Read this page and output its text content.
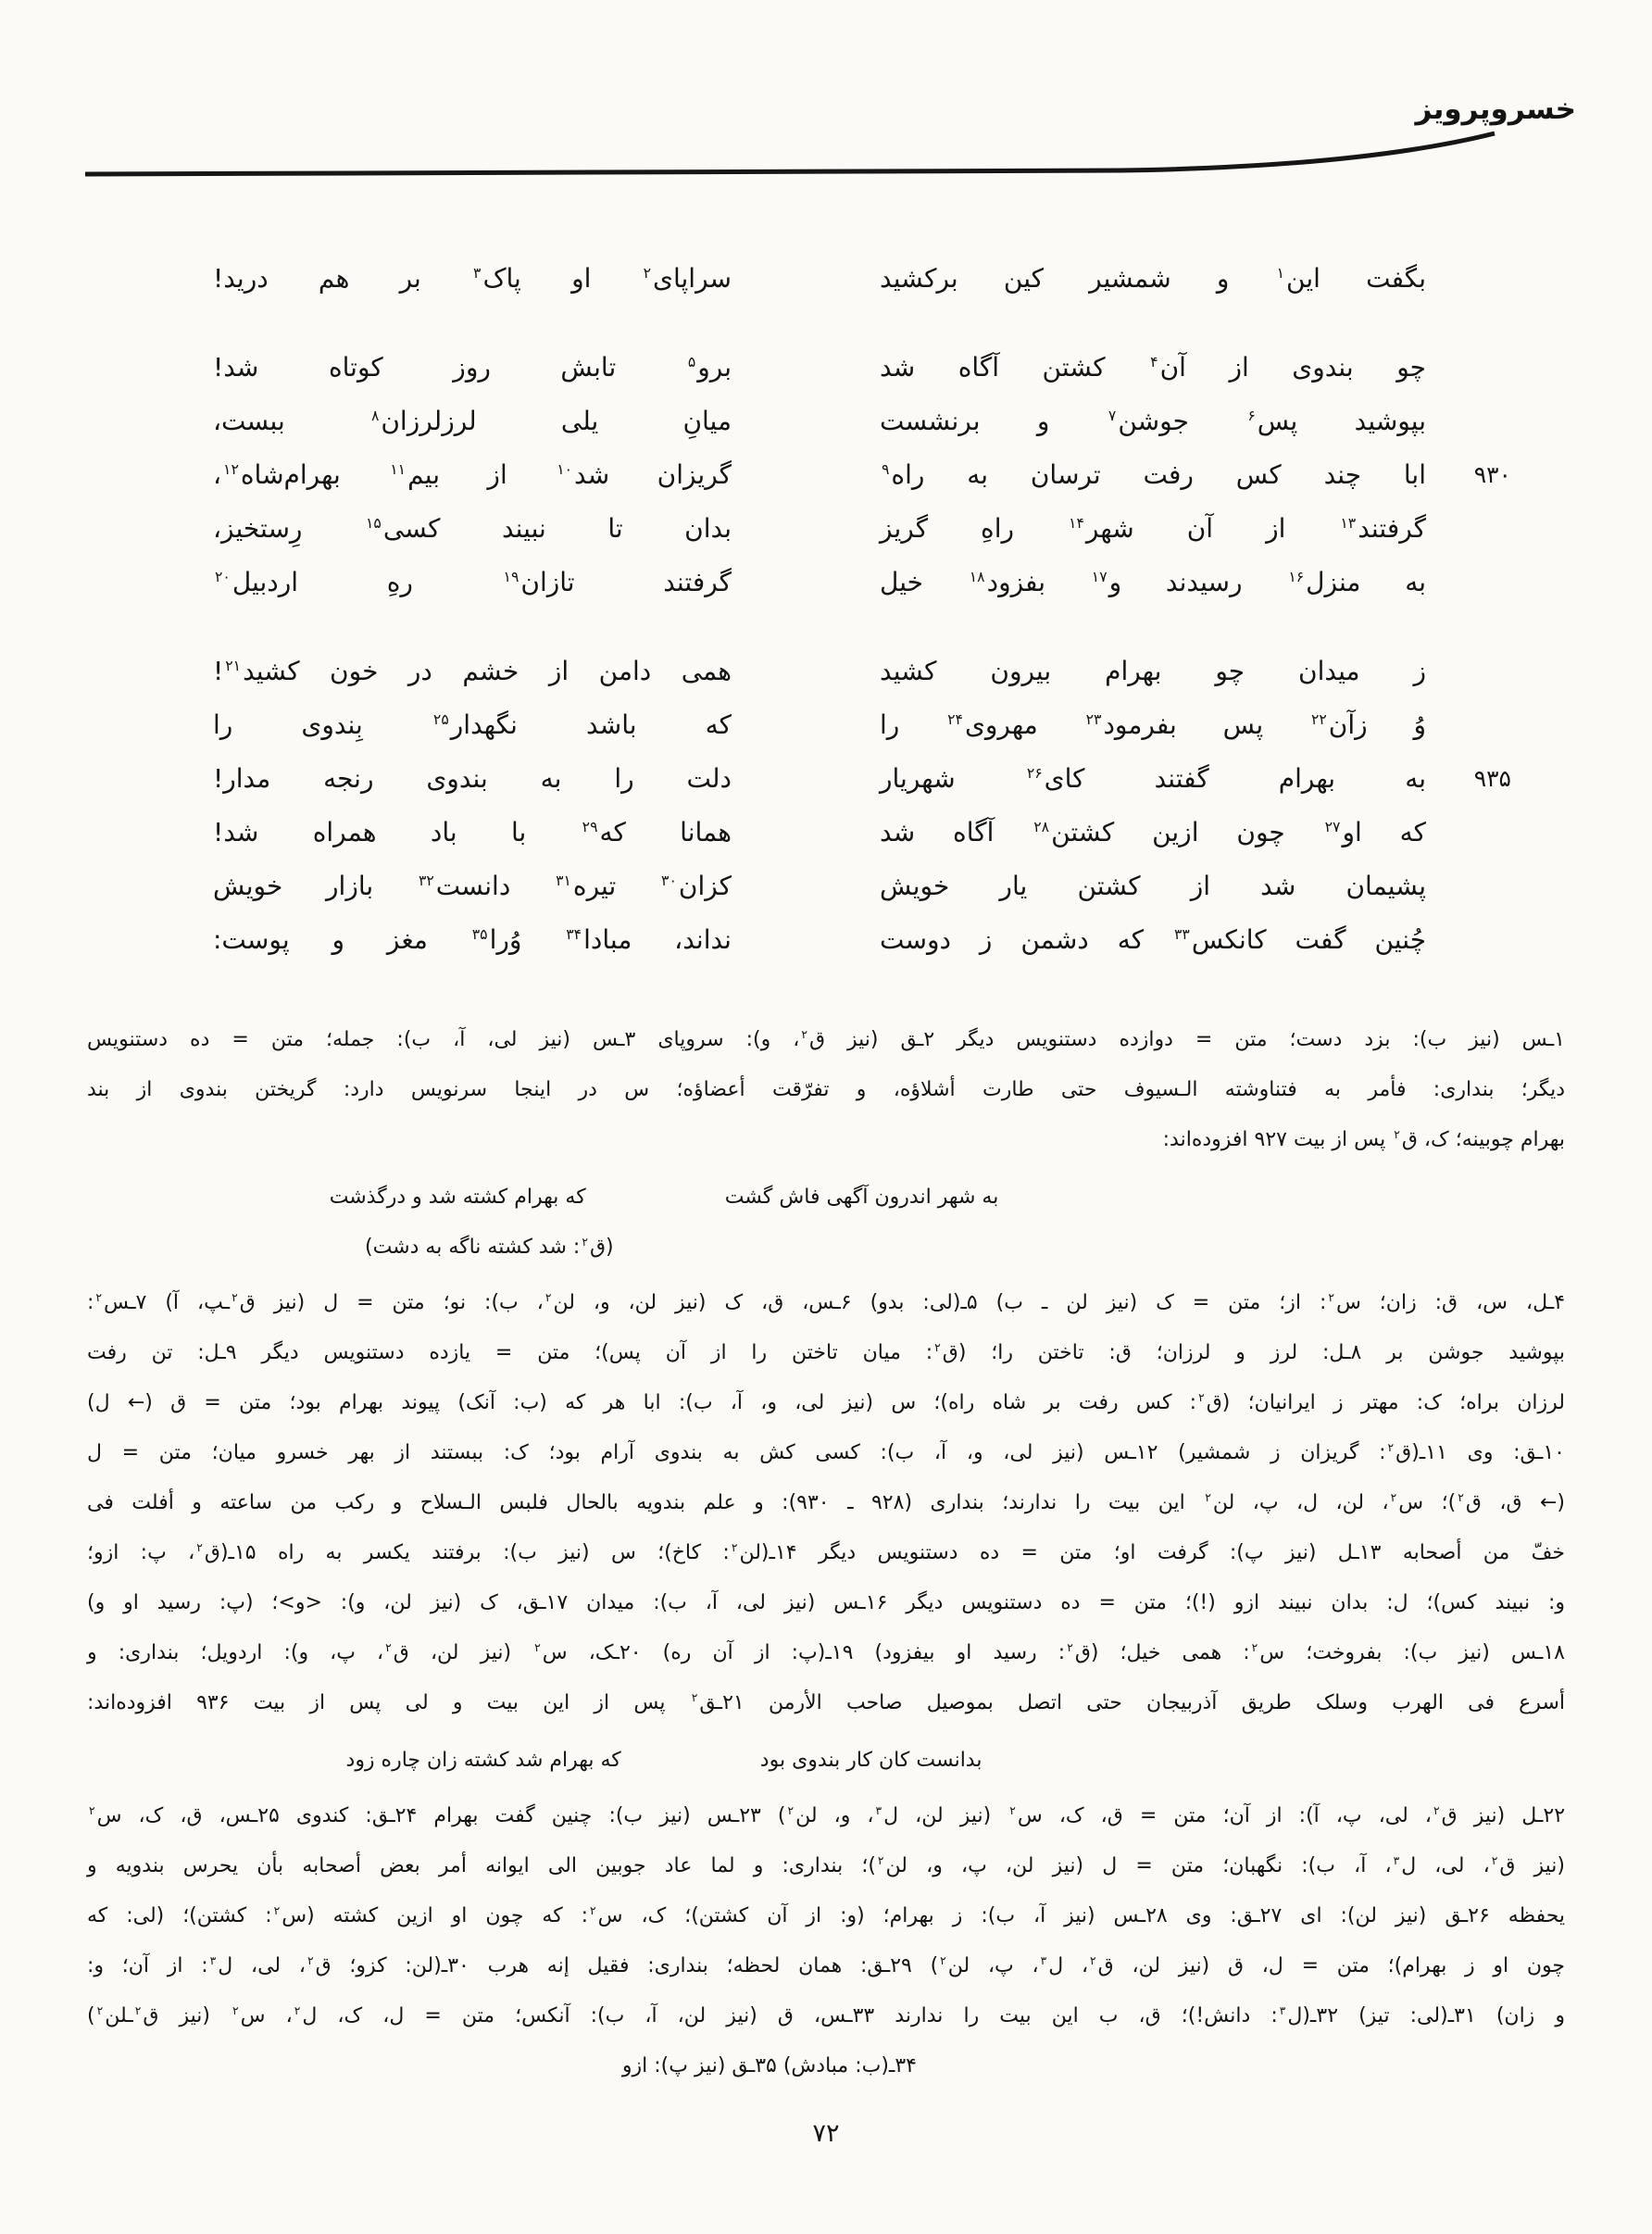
خسروپرویز
بگفت این$^۱$ و شمشیر کین برکشید
سراپای$^۲$ او پاک$^۳$ بر هم درید!
چو بندوی از آن$^۴$ کشتن آگاه شد
برو$^۵$ تابش روز کوتاه شد!
بپوشید پس$^۶$ جوشن$^۷$ و برنشست
میانِ یلی لرزلرزان$^۸$ ببست،
۹۳۰
ابا چند کس رفت ترسان به راه$^۹$
گریزان شد$^{۱۰}$ از بیم$^{۱۱}$ بهرام‌شاه$^{۱۲}$،
گرفتند$^{۱۳}$ از آن شهر$^{۱۴}$ راهِ گریز
بدان تا نبیند کسی$^{۱۵}$ رِستخیز،
به منزل$^{۱۶}$ رسیدند و$^{۱۷}$ بفزود$^{۱۸}$ خیل
گرفتند تازان$^{۱۹}$ رهِ اردبیل$^{۲۰}$
ز میدان چو بهرام بیرون کشید
همی دامن از خشم در خون کشید$^{۲۱}$!
وُ زآن$^{۲۲}$ پس بفرمود$^{۲۳}$ مهروی$^{۲۴}$ را
که باشد نگهدار$^{۲۵}$ بِندوی را
۹۳۵
به بهرام گفتند کای$^{۲۶}$ شهریار
دلت را به بندوی رنجه مدار!
که او$^{۲۷}$ چون ازین کشتن$^{۲۸}$ آگاه شد
همانا که$^{۲۹}$ با باد همراه شد!
پشیمان شد از کشتن یار خویش
کزان$^{۳۰}$ تیره$^{۳۱}$ دانست$^{۳۲}$ بازار خویش
چُنین گفت کانکس$^{۳۳}$ که دشمن ز دوست
نداند، مبادا$^{۳۴}$ وُرا$^{۳۵}$ مغز و پوست:
۱ـس (نیز ب): بزد دست؛ متن = دوازده دستنویس دیگر ۲ـق (نیز ق$^۲$، و): سروپای ۳ـس (نیز لی، آ، ب): جمله؛ متن = ده دستنویس
دیگر؛ بنداری: فأمر به فتناوشته الـسیوف حتی طارت أشلاؤه، و تفرّقت أعضاؤه؛ س در اینجا سرنویس دارد: گریختن بندوی از بند
بهرام چوبینه؛ ک، ق$^۲$ پس از بیت ۹۲۷ افزوده‌اند:
به شهر اندرون آگهی فاش گشت
که بهرام کشته شد و درگذشت
(ق$^۲$: شد کشته ناگه به دشت)
۴ـل، س، ق: زان؛ س$^۲$: از؛ متن = ک (نیز لن ـ ب) ۵ـ(لی: بدو) ۶ـس، ق، ک (نیز لن، و، لن$^۲$، ب): نو؛ متن = ل (نیز ق$^۲$ـپ، آ) ۷ـس$^۲$:
بپوشید جوشن بر ۸ـل: لرز و لرزان؛ ق: تاختن را؛ (ق$^۲$: میان تاختن را از آن پس)؛ متن = یازده دستنویس دیگر ۹ـل: تن رفت
لرزان براه؛ ک: مهتر ز ایرانیان؛ (ق$^۲$: کس رفت بر شاه راه)؛ س (نیز لی، و، آ، ب): ابا هر که (ب: آنک) پیوند بهرام بود؛ متن = ق (← ل)
۱۰ـق: وی ۱۱ـ(ق$^۲$: گریزان ز شمشیر) ۱۲ـس (نیز لی، و، آ، ب): کسی کش به بندوی آرام بود؛ ک: ببستند از بهر خسرو میان؛ متن = ل
(← ق، ق$^۲$)؛ س$^۲$، لن، ل، پ، لن$^۲$ این بیت را ندارند؛ بنداری (۹۲۸ ـ ۹۳۰): و علم بندویه بالحال فلبس الـسلاح و رکب من ساعته و أفلت فی
خفّ من أصحابه ۱۳ـل (نیز پ): گرفت او؛ متن = ده دستنویس دیگر ۱۴ـ(لن$^۲$: کاخ)؛ س (نیز ب): برفتند یکسر به راه ۱۵ـ(ق$^۲$، پ: ازو؛
و: نبیند کس)؛ ل: بدان نبیند ازو (!)؛ متن = ده دستنویس دیگر ۱۶ـس (نیز لی، آ، ب): میدان ۱۷ـق، ک (نیز لن، و): <و>؛ (پ: رسید او و)
۱۸ـس (نیز ب): بفروخت؛ س$^۲$: همی خیل؛ (ق$^۲$: رسید او بیفزود) ۱۹ـ(پ: از آن ره) ۲۰ـک، س$^۲$ (نیز لن، ق$^۲$، پ، و): اردویل؛ بنداری: و
أسرع فی الهرب وسلک طریق آذربیجان حتی اتصل بموصیل صاحب الأرمن ۲۱ـق$^۲$ پس از این بیت و لی پس از بیت ۹۳۶ افزوده‌اند:
بدانست کان کار بندوی بود
که بهرام شد کشته زان چاره زود
۲۲ـل (نیز ق$^۲$، لی، پ، آ): از آن؛ متن = ق، ک، س$^۲$ (نیز لن، ل$^۳$، و، لن$^۲$) ۲۳ـس (نیز ب): چنین گفت بهرام ۲۴ـق: کندوی ۲۵ـس، ق، ک، س$^۲$
(نیز ق$^۲$، لی، ل$^۳$، آ، ب): نگهبان؛ متن = ل (نیز لن، پ، و، لن$^۲$)؛ بنداری: و لما عاد جوبین الی ایوانه أمر بعض أصحابه بأن یحرس بندویه و
یحفظه ۲۶ـق (نیز لن): ای ۲۷ـق: وی ۲۸ـس (نیز آ، ب): ز بهرام؛ (و: از آن کشتن)؛ ک، س$^۲$: که چون او ازین کشته (س$^۲$: کشتن)؛ (لی: که
چون او ز بهرام)؛ متن = ل، ق (نیز لن، ق$^۲$، ل$^۳$، پ، لن$^۲$) ۲۹ـق: همان لحظه؛ بنداری: فقیل إنه هرب ۳۰ـ(لن: کزو؛ ق$^۲$، لی، ل$^۳$: از آن؛ و:
و زان) ۳۱ـ(لی: تیز) ۳۲ـ(ل$^۳$: دانش!)؛ ق، ب این بیت را ندارند ۳۳ـس، ق (نیز لن، آ، ب): آنکس؛ متن = ل، ک، ل$^۲$، س$^۲$ (نیز ق$^۲$ـلن$^۲$)
۳۴ـ(ب: مبادش) ۳۵ـق (نیز پ): ازو
۷۲
